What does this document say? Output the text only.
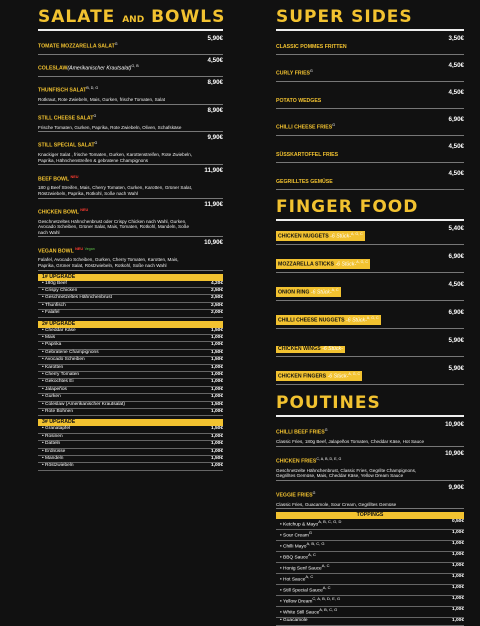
SALATE AND BOWLS
TOMATE MOZZARELLA $SALAT^G$
5,90€
COLESLAW(Amerikanischer Krautsalat)$^{G, B}$
4,50€
THUNFISCH $SALAT^{B, D, G}$
8,90€
Rotkraut, Rote Zwiebeln, Mais, Gurken, frische Tomaten, Salat
STILL CHEESE $SALAT^G$
8,90€
Frische Tomaten, Gurken, Paprika, Rote Zwiebeln, Oliven, Schafskäse
STILL SPECIAL $SALAT^G$
9,90€
Knackiger Salat , frische Tomaten, Gurken, Karottenstreifen, Rote Zwiebeln, Paprika, Hähnchenstreifen & gebratene Champignons
BEEF BOWL $^{NEU}$
11,90€
180 g Beef Streifen, Mais, Cherry Tomaten, Gurken, Karotten, Grüner Salat, Röstzwiebeln, Paprika, Rotkohl, Soße nach Wahl
CHICKEN BOWL $^{NEU}$
11,90€
Geschnetzeltes Hähnchenbrust oder Crispy Chicken nach Wahl, Gurken, Avocado Scheiben, Grüner Salat, Mais, Tomaten, Rotkohl, Mandeln, Soße nach Wahl
VEGAN BOWL $^{NEU}$ $^{Vegan}$
10,90€
Falafel, Avocado Scheiben, Gurken, Cherry Tomaten, Karotten, Mais, Paprika, Grüner Salat, Röstzwiebeln, Rotkohl, Soße nach Wahl
1# UPGRADE
• 180g Beef	4,20€
• Crispy Chicken	2,50€
• Geschnetzeltes Hähnchenbrust	2,50€
• Thunfisch	2,50€
• Falafel	2,00€
2# UPGRADE
• Cheddar Käse	1,50€
• Mais	1,00€
• Paprika	1,00€
• Gebratene Champignons	1,50€
• Avocado Scheiben	1,50€
• Karotten	1,00€
• Cherry Tomaten	1,00€
• Gekochtes Ei	1,00€
• Jalapeños	1,00€
• Gurken	1,00€
• Coleslaw (Amerikanischer Krautsalat)	1,50€
• Rote Bohnen	1,00€
3# UPGRADE
• Granatapfel	1,50€
• Rosinen	1,00€
• Datteln	1,00€
• Erdnüsse	1,00€
• Mandeln	1,50€
• Röstzwiebeln	1,00€
SUPER SIDES
CLASSIC POMMES FRITTEN
3,50€
CURLY $FRIES^G$
4,50€
POTATO WEDGES
4,50€
CHILLI CHEESE $FRIES^G$
6,90€
SÜSSKARTOFFEL FRIES
4,50€
GEGRILLTES GEMÜSE
4,50€
FINGER FOOD
CHICKEN NUGGETS -6 Stück-$^{A, G, C}$
5,40€
MOZZARELLA STICKS -6 Stück-$^{A, G, C}$
6,90€
ONION RING -6 Stück-$^{A, C}$
4,50€
CHILLI CHEESE NUGGETS -6 Stück-$^{A, G, C}$
6,90€
CHICKEN WINGS -6 Stück-
5,90€
CHICKEN FINGERS -6 Stück-$^{A, G, C}$
5,90€
POUTINES
CHILLI BEEF $FRIES^G$
10,90€
Classic Fries, 180g Beef, Jalapeños Tomaten, Cheddar Käse, Hot Sauce
CHICKEN $FRIES^{C, A, B, D, E, G}$
10,90€
Geschnetzelte Hähnchenbrust, Classic Fries, Gegrilte Champignons, Gegrilltes Gemüse, Mais, Cheddar Käse, Yellow Dream Sauce
VEGGIE $FRIES^G$
9,90€
Classic Fries, Guacamole, Sour Cream, Gegrilltes Gemüse
TOPPINGS
• Ketchup & Mayo$^{A, B, C, G, D}$	0,50€
• Sour Cream$^G$	1,00€
• Chilli Mayo$^{A, B, C, G}$	1,00€
• BBQ Sauce$^{A, C}$	1,00€
• Honig Senf Sauce$^{A, C}$	1,00€
• Hot Sauce$^{A, C}$	1,00€
• Still Special Sauce$^{A, C}$	1,00€
• Yellow Dream$^{C, A, B, D, E, G}$	1,00€
• White Still Sauce$^{A, B, C, G}$	1,00€
• Guacamole	1,00€
